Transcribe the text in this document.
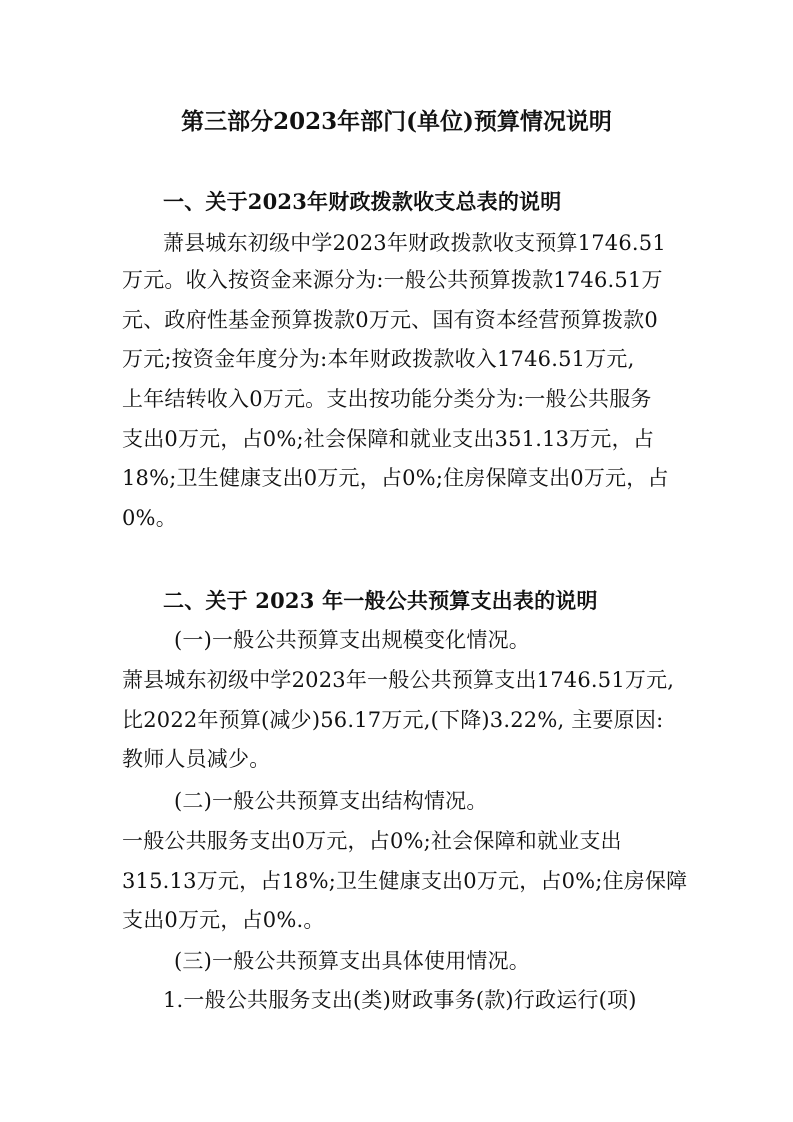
第三部分2023年部门(单位)预算情况说明
一、关于2023年财政拨款收支总表的说明
萧县城东初级中学2023年财政拨款收支预算1746.51
万元。收入按资金来源分为:一般公共预算拨款1746.51万
元、政府性基金预算拨款0万元、国有资本经营预算拨款0
万元;按资金年度分为:本年财政拨款收入1746.51万元,
上年结转收入0万元。支出按功能分类分为:一般公共服务
支出0万元，占0%;社会保障和就业支出351.13万元，占
18%;卫生健康支出0万元，占0%;住房保障支出0万元，占
0%。
二、关于 2023 年一般公共预算支出表的说明
(一)一般公共预算支出规模变化情况。
萧县城东初级中学2023年一般公共预算支出1746.51万元,
比2022年预算(减少)56.17万元,(下降)3.22%, 主要原因:
教师人员减少。
(二)一般公共预算支出结构情况。
一般公共服务支出0万元，占0%;社会保障和就业支出
315.13万元，占18%;卫生健康支出0万元，占0%;住房保障
支出0万元，占0%.。
(三)一般公共预算支出具体使用情况。
1.一般公共服务支出(类)财政事务(款)行政运行(项)
